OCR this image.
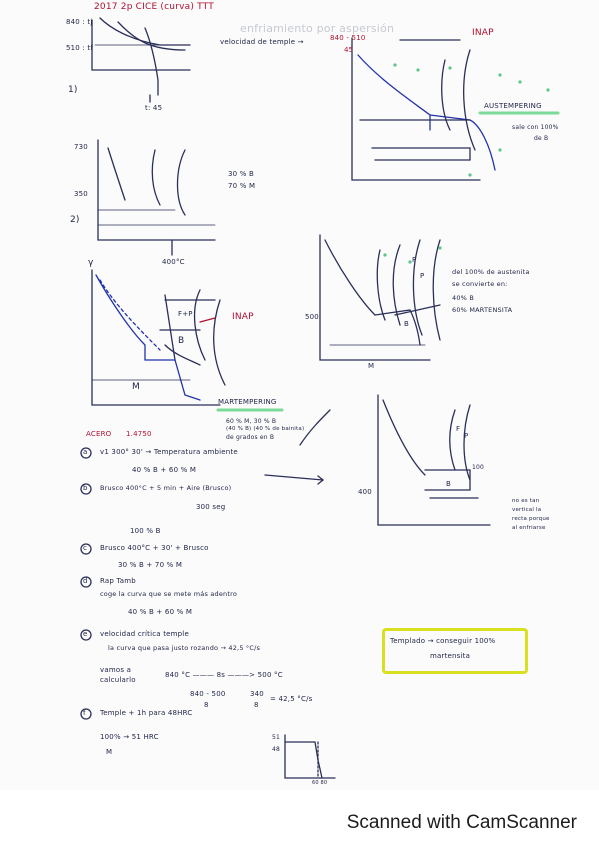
2017 2p CICE (curva) TTT
enfriamiento por aspersión
velocidad de temple →	840 - 510
45
INAP
840 : tj
510 : tf
t: 45
1)
2)
730
350
30 % B
70 % M
400°C
γ
F+P
B
M
INAP
MARTEMPERING
60 % M, 30 % B
(40 % B) (40 % de bainita)
de grados en B
AUSTEMPERING
sale con 100%
de B
500
F
P
B
M
del 100% de austenita
se convierte en:
40% B
60% MARTENSITA
400
100
B
F
P
no es tan
vertical la
recta porque
al enfriarse
ACERO 1.4750
a v1 300° 30' → Temperatura ambiente
40 % B + 60 % M
b Brusco 400°C + 5 min + Aire (Brusco)
300 seg
100 % B
c Brusco 400°C + 30' + Brusco
30 % B + 70 % M
d Rap Tamb
coge la curva que se mete más adentro
40 % B + 60 % M
e velocidad crítica temple
la curva que pasa justo rozando → 42,5 °C/s
vamos a
calcularlo
840 °C ——— 8s ———> 500 °C
840 - 500
8
340
8
= 42,5 °C/s
f Temple + 1h para 48HRC
100% → 51 HRC
M
51
48
60 80
Templado → conseguir 100%
martensita
Scanned with CamScanner
